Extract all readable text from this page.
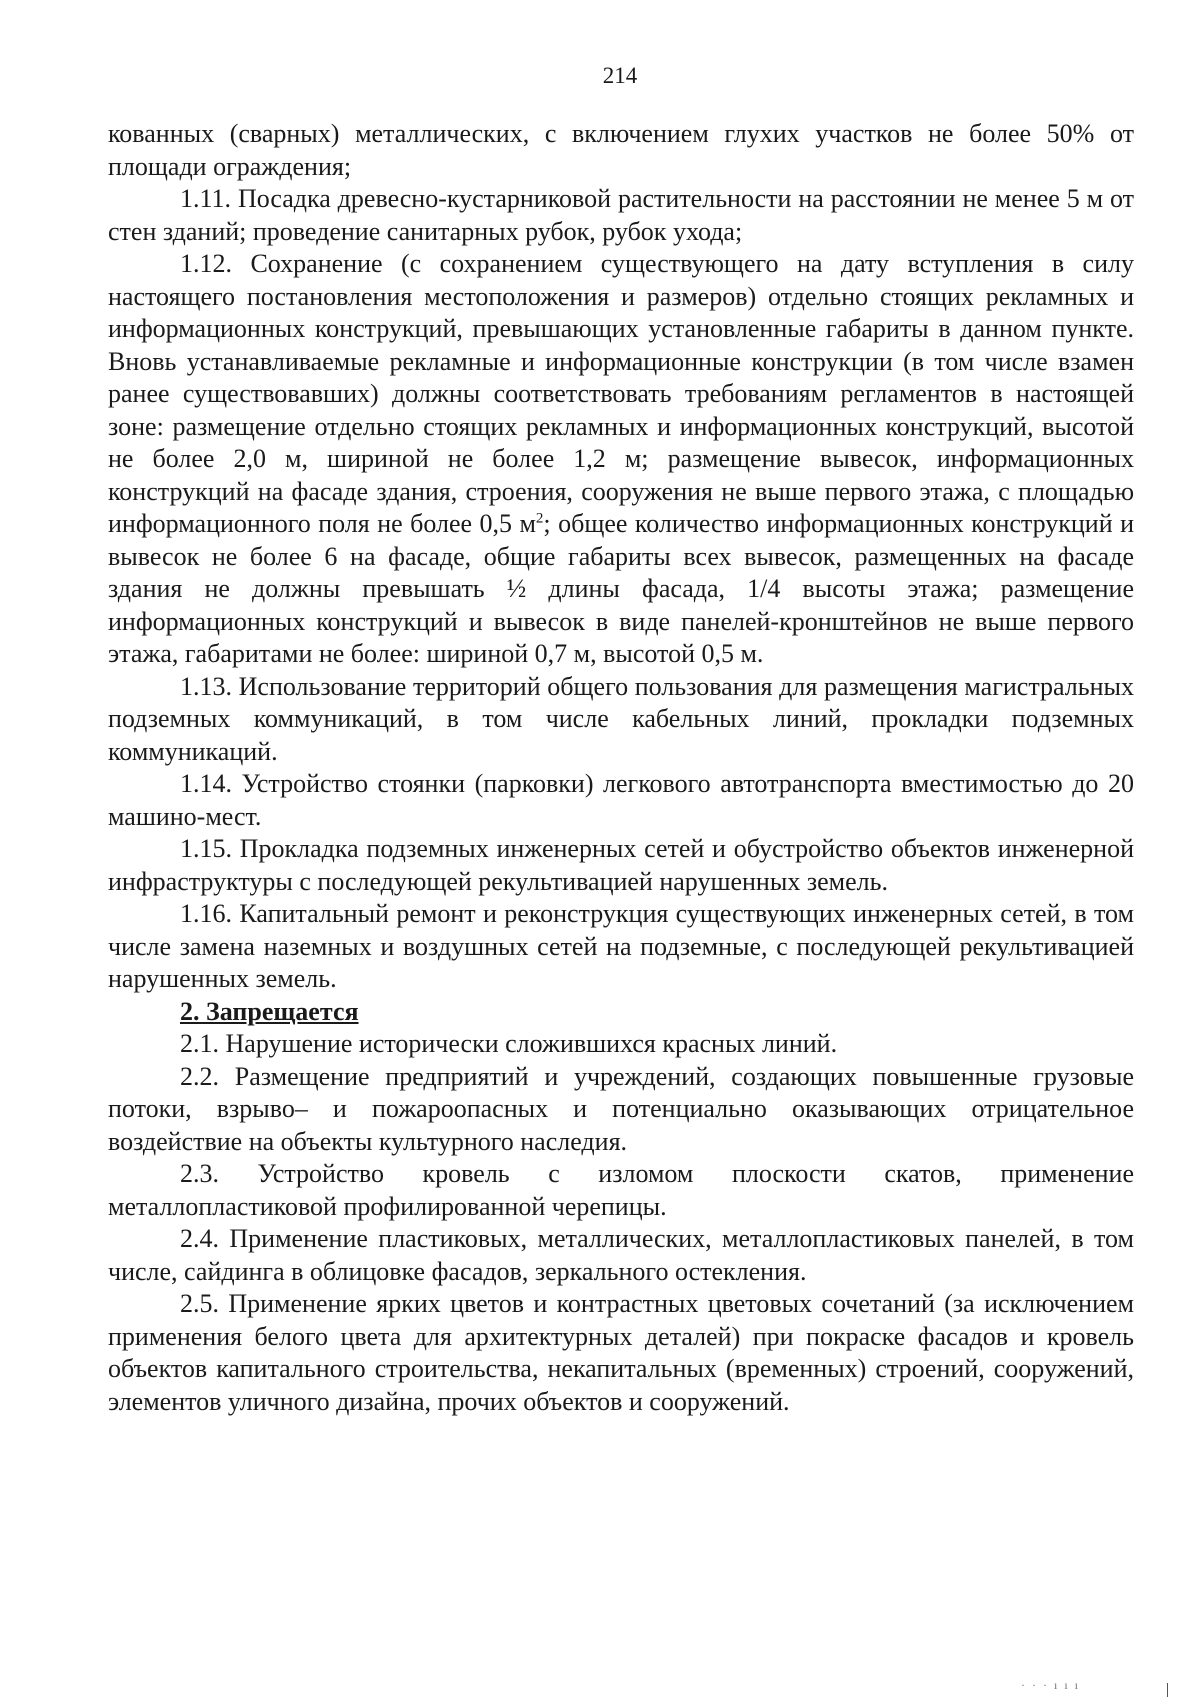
214

кованных (сварных) металлических, с включением глухих участков не более 50% от площади ограждения;

1.11. Посадка древесно-кустарниковой растительности на расстоянии не менее 5 м от стен зданий; проведение санитарных рубок, рубок ухода;

1.12. Сохранение (с сохранением существующего на дату вступления в силу настоящего постановления местоположения и размеров) отдельно стоящих рекламных и информационных конструкций, превышающих установленные габариты в данном пункте. Вновь устанавливаемые рекламные и информационные конструкции (в том числе взамен ранее существовавших) должны соответствовать требованиям регламентов в настоящей зоне: размещение отдельно стоящих рекламных и информационных конструкций, высотой не более 2,0 м, шириной не более 1,2 м; размещение вывесок, информационных конструкций на фасаде здания, строения, сооружения не выше первого этажа, с площадью информационного поля не более 0,5 $м^2$; общее количество информационных конструкций и вывесок не более 6 на фасаде, общие габариты всех вывесок, размещенных на фасаде здания не должны превышать ½ длины фасада, 1/4 высоты этажа; размещение информационных конструкций и вывесок в виде панелей-кронштейнов не выше первого этажа, габаритами не более: шириной 0,7 м, высотой 0,5 м.

1.13. Использование территорий общего пользования для размещения магистральных подземных коммуникаций, в том числе кабельных линий, прокладки подземных коммуникаций.

1.14. Устройство стоянки (парковки) легкового автотранспорта вместимостью до 20 машино-мест.

1.15. Прокладка подземных инженерных сетей и обустройство объектов инженерной инфраструктуры с последующей рекультивацией нарушенных земель.

1.16. Капитальный ремонт и реконструкция существующих инженерных сетей, в том числе замена наземных и воздушных сетей на подземные, с последующей рекультивацией нарушенных земель.

2. Запрещается

2.1. Нарушение исторически сложившихся красных линий.

2.2. Размещение предприятий и учреждений, создающих повышенные грузовые потоки, взрыво– и пожароопасных и потенциально оказывающих отрицательное воздействие на объекты культурного наследия.

2.3. Устройство кровель с изломом плоскости скатов, применение металлопластиковой профилированной черепицы.

2.4. Применение пластиковых, металлических, металлопластиковых панелей, в том числе, сайдинга в облицовке фасадов, зеркального остекления.

2.5. Применение ярких цветов и контрастных цветовых сочетаний (за исключением применения белого цвета для архитектурных деталей) при покраске фасадов и кровель объектов капитального строительства, некапитальных (временных) строений, сооружений, элементов уличного дизайна, прочих объектов и сооружений.

· · · ı ı ı
